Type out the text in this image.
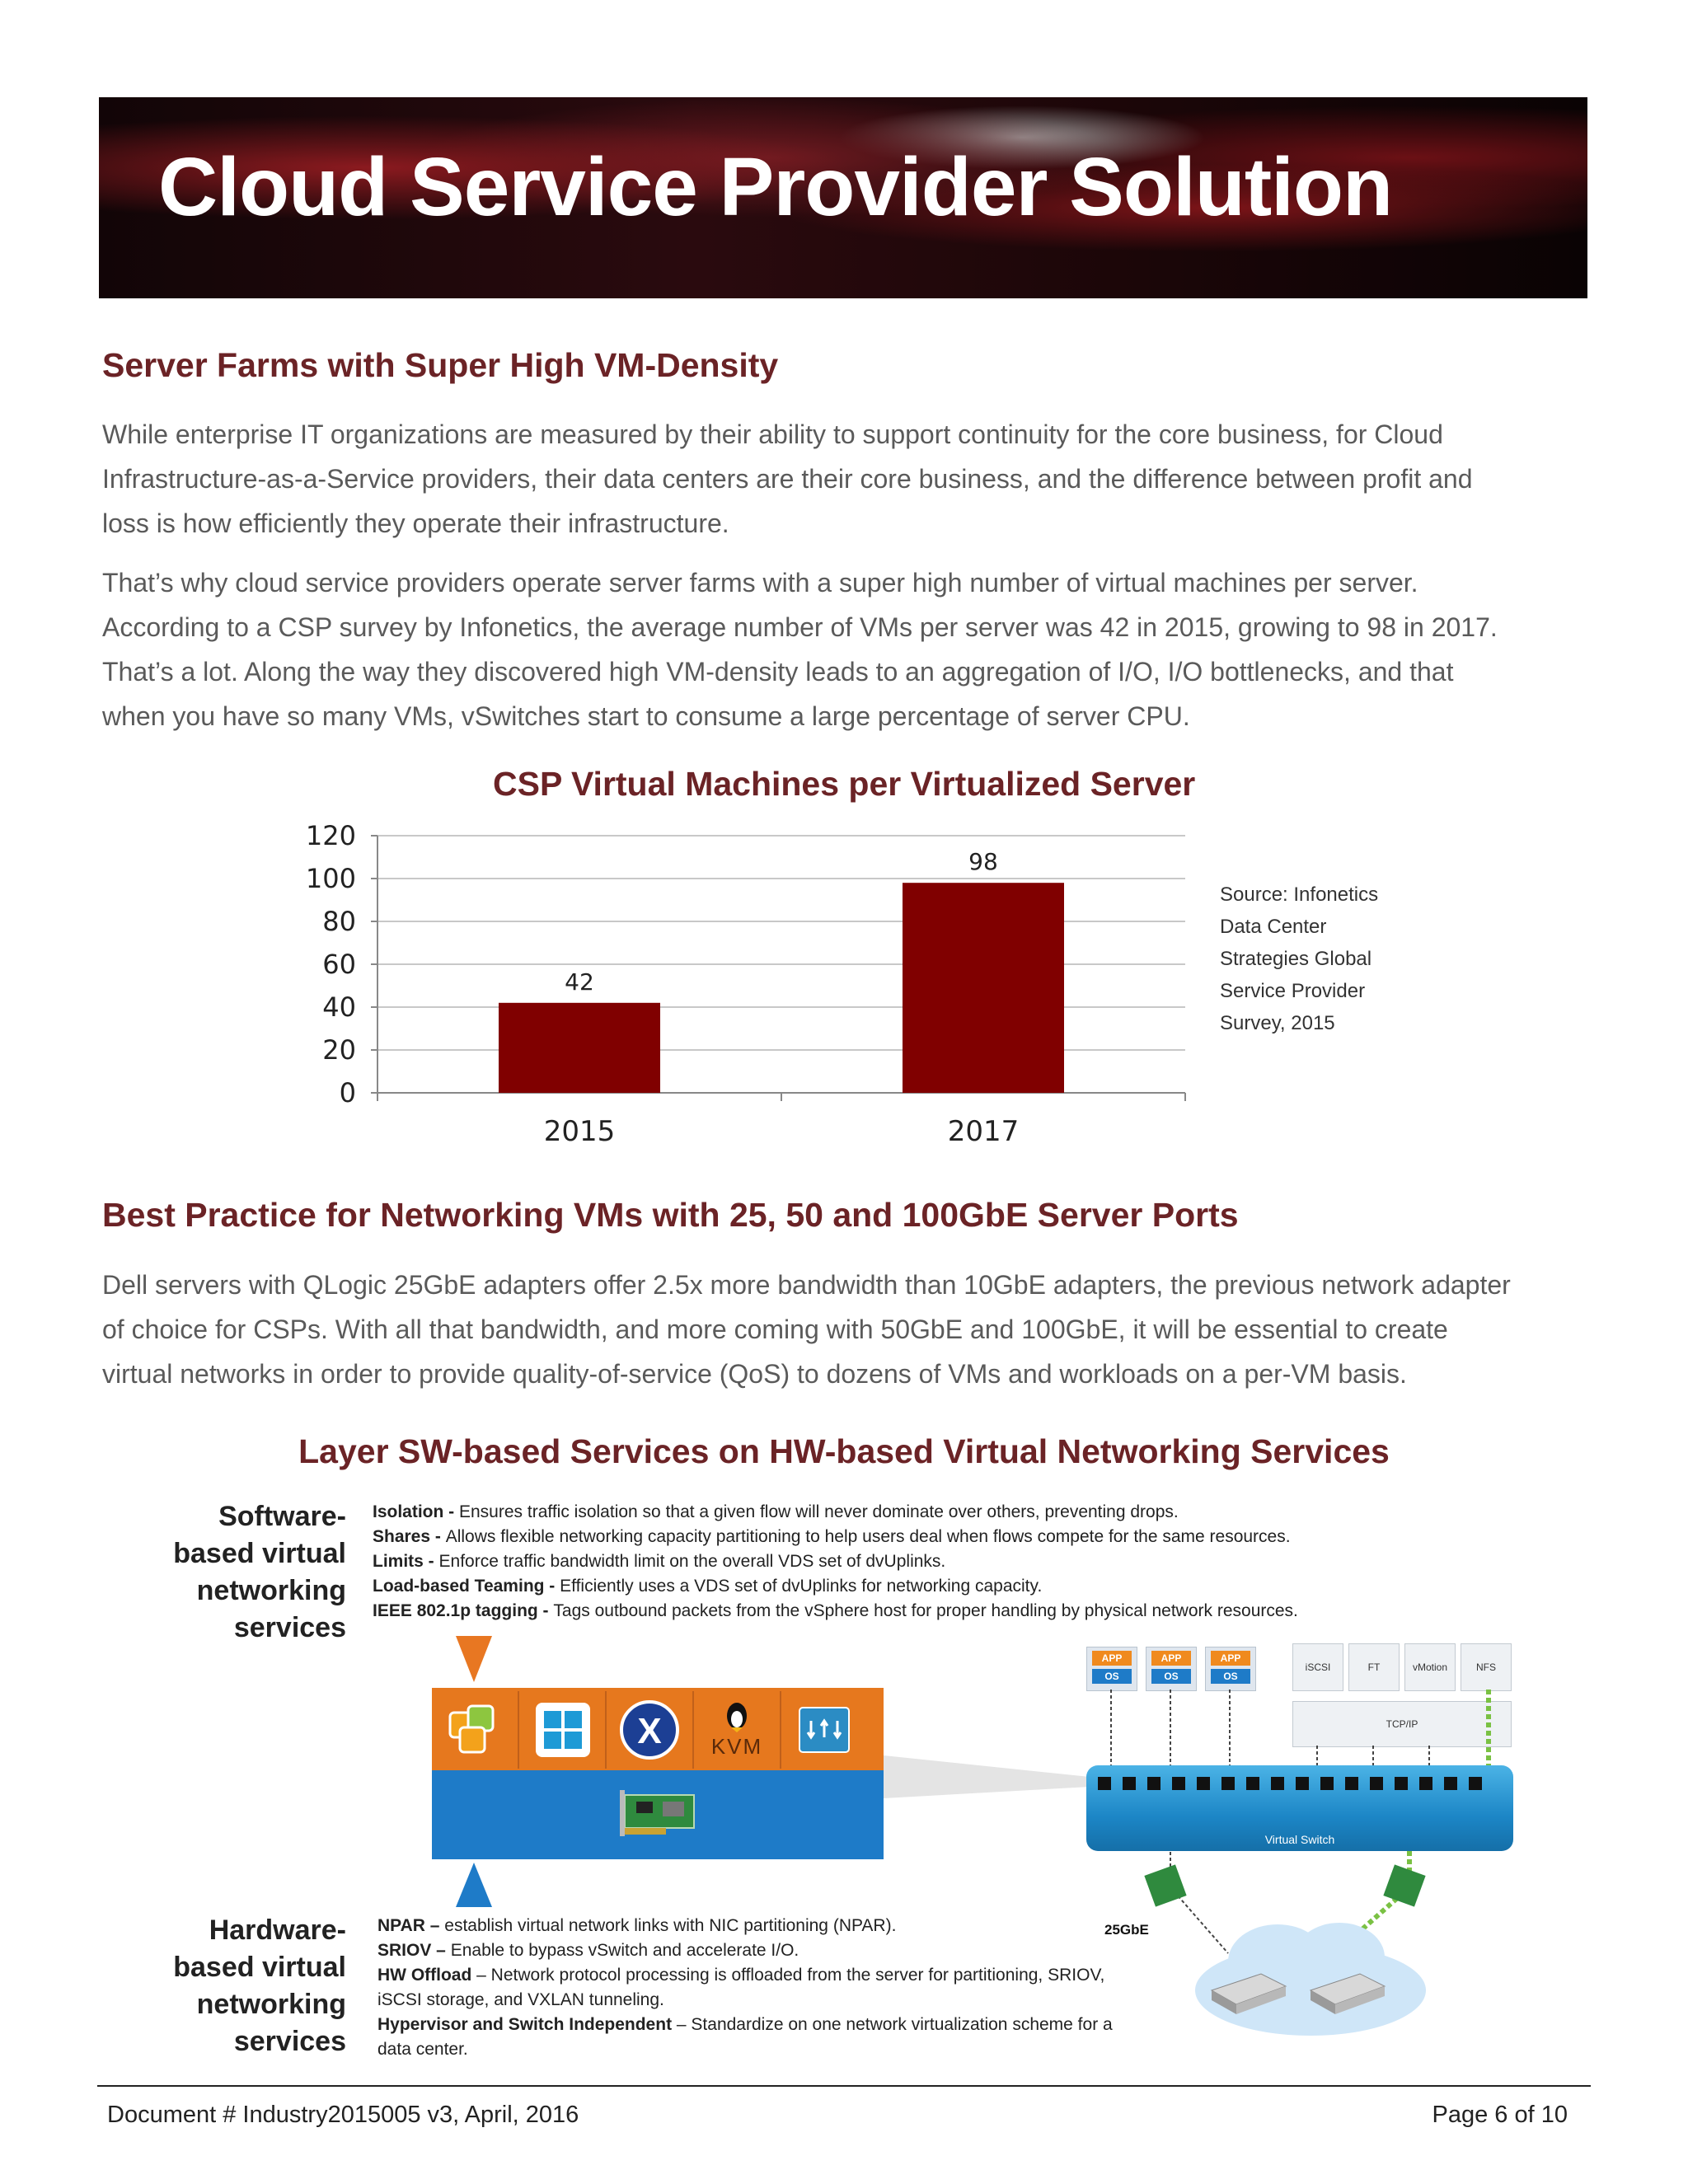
Cloud Service Provider Solution
Server Farms with Super High VM-Density
While enterprise IT organizations are measured by their ability to support continuity for the core business, for Cloud
Infrastructure-as-a-Service providers, their data centers are their core business, and the difference between profit and
loss is how efficiently they operate their infrastructure.
That’s why cloud service providers operate server farms with a super high number of virtual machines per server.
According to a CSP survey by Infonetics, the average number of VMs per server was 42 in 2015, growing to 98 in 2017.
That’s a lot. Along the way they discovered high VM-density leads to an aggregation of I/O, I/O bottlenecks, and that
when you have so many VMs, vSwitches start to consume a large percentage of server CPU.
CSP Virtual Machines per Virtualized Server
0
20
40
60
80
100
120
42
2015
98
2017
Source: Infonetics
Data Center
Strategies Global
Service Provider
Survey, 2015
Best Practice for Networking VMs with 25, 50 and 100GbE Server Ports
Dell servers with QLogic 25GbE adapters offer 2.5x more bandwidth than 10GbE adapters, the previous network adapter
of choice for CSPs. With all that bandwidth, and more coming with 50GbE and 100GbE, it will be essential to create
virtual networks in order to provide quality-of-service (QoS) to dozens of VMs and workloads on a per-VM basis.
Layer SW-based Services on HW-based Virtual Networking Services
Software-
based virtual
networking
services
Isolation - Ensures traffic isolation so that a given flow will never dominate over others, preventing drops.
Shares - Allows flexible networking capacity partitioning to help users deal when flows compete for the same resources.
Limits - Enforce traffic bandwidth limit on the overall VDS set of dvUplinks.
Load-based Teaming - Efficiently uses a VDS set of dvUplinks for networking capacity.
IEEE 802.1p tagging - Tags outbound packets from the vSphere host for proper handling by physical network resources.
X	KVM
APP
OS
APP
OS
APP
OS
iSCSI	FT	vMotion	NFS
TCP/IP
Virtual Switch
25GbE
Hardware-
based virtual
networking
services
NPAR – establish virtual network links with NIC partitioning (NPAR).
SRIOV – Enable to bypass vSwitch and accelerate I/O.
HW Offload – Network protocol processing is offloaded from the server for partitioning, SRIOV,
iSCSI storage, and VXLAN tunneling.
Hypervisor and Switch Independent – Standardize on one network virtualization scheme for a
data center.
Document # Industry2015005 v3, April, 2016	Page 6 of 10
